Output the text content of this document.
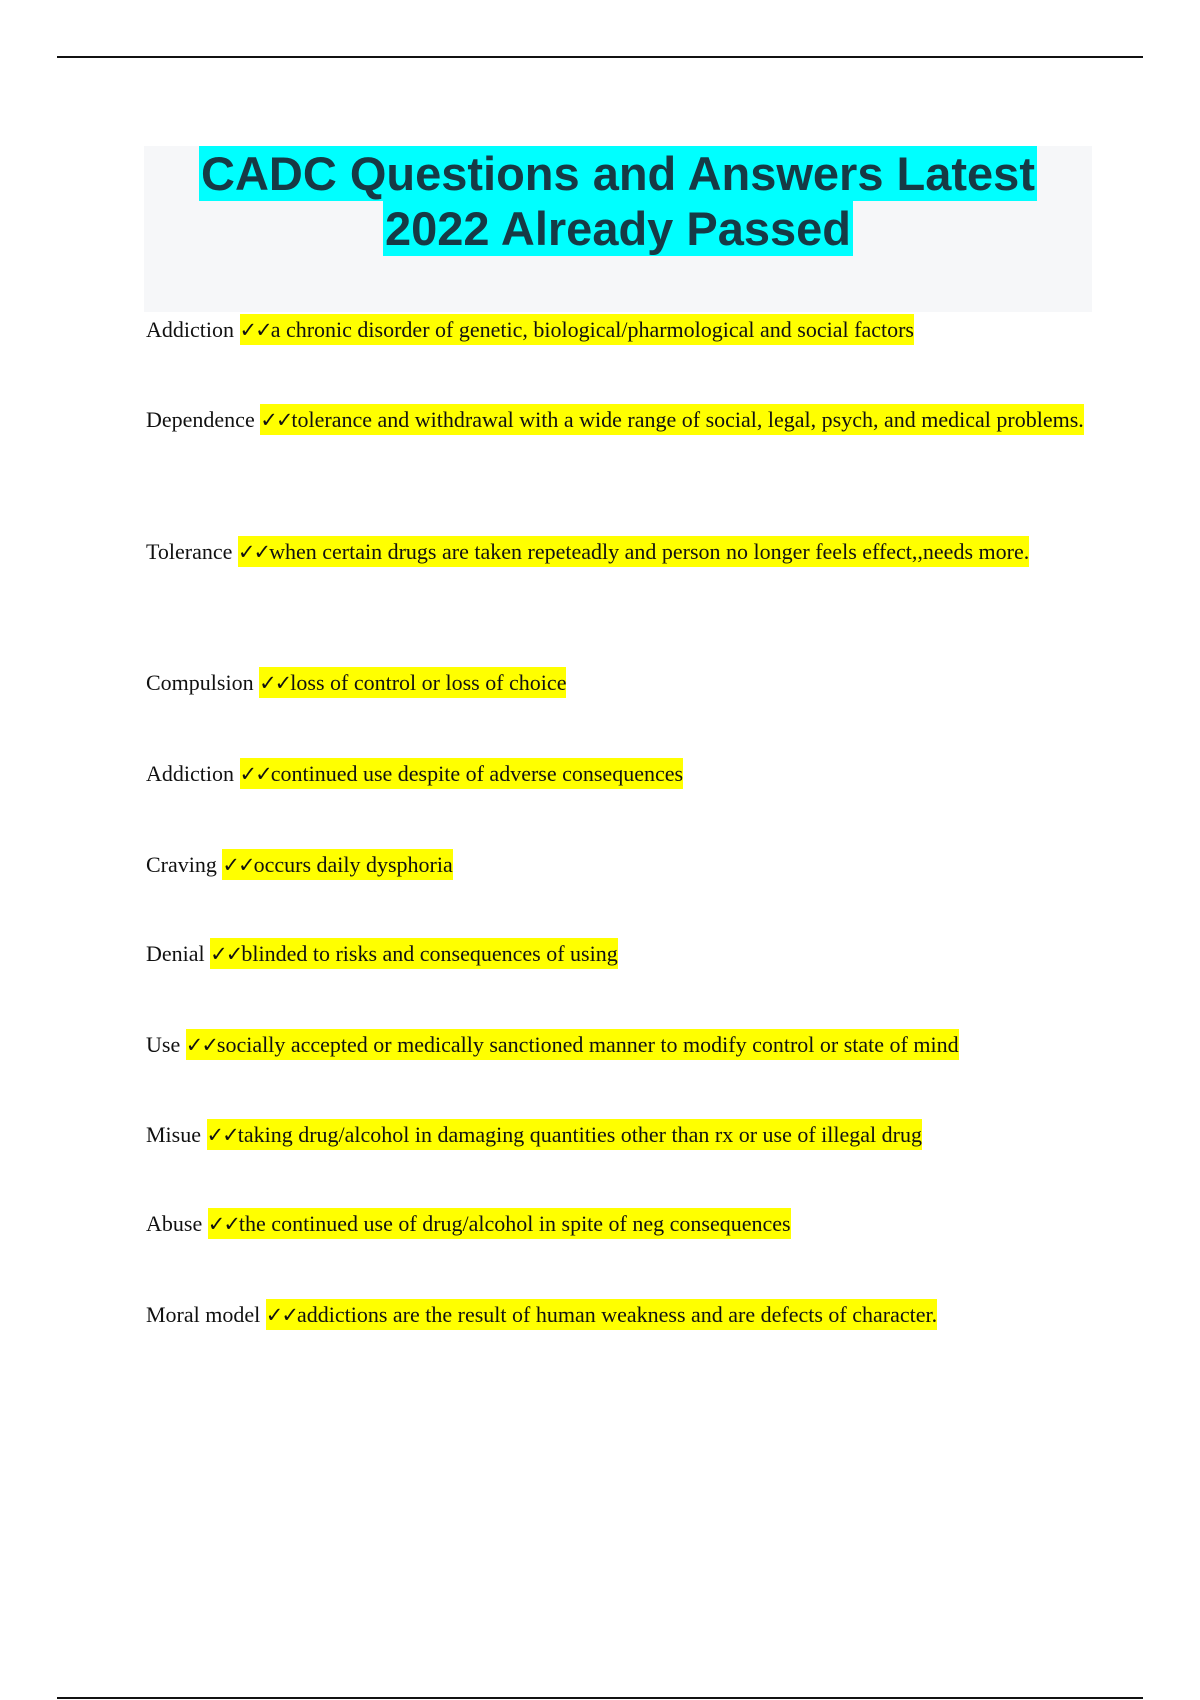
CADC Questions and Answers Latest
2022 Already Passed
Addiction ✓✓a chronic disorder of genetic, biological/pharmological and social factors
Dependence ✓✓tolerance and withdrawal with a wide range of social, legal, psych, and medical problems.
Tolerance ✓✓when certain drugs are taken repeteadly and person no longer feels effect,,needs more.
Compulsion ✓✓loss of control or loss of choice
Addiction ✓✓continued use despite of adverse consequences
Craving ✓✓occurs daily dysphoria
Denial ✓✓blinded to risks and consequences of using
Use ✓✓socially accepted or medically sanctioned manner to modify control or state of mind
Misue ✓✓taking drug/alcohol in damaging quantities other than rx or use of illegal drug
Abuse ✓✓the continued use of drug/alcohol in spite of neg consequences
Moral model ✓✓addictions are the result of human weakness and are defects of character.
